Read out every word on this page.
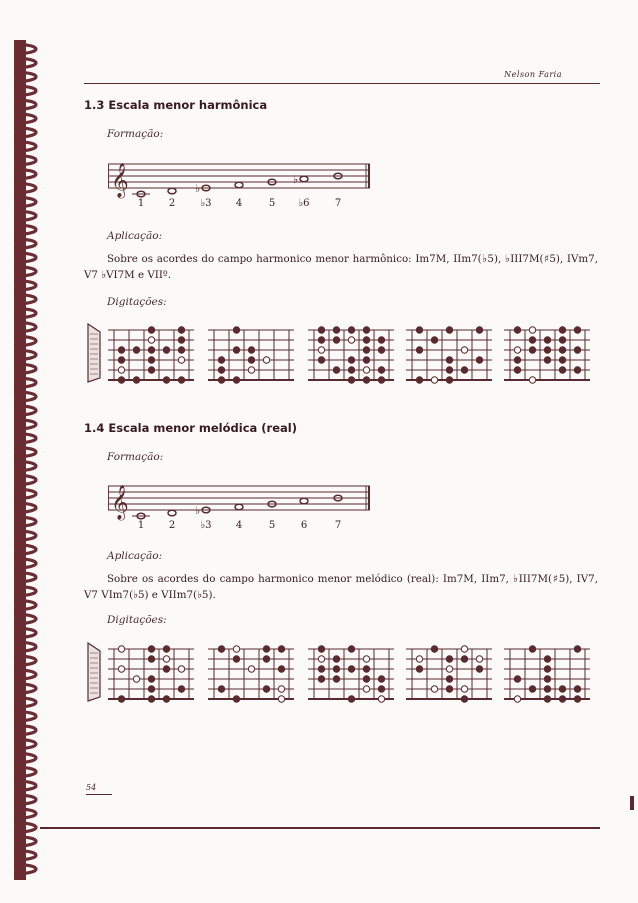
Nelson Faria
1.3 Escala menor harmônica
Formação:
𝄞	♭
♭
1 2	♭3 4	5 ♭6	7
Aplicação:
Sobre os acordes do campo harmonico menor harmônico: Im7M, IIm7(♭5), ♭III7M(♯5), IVm7, V7 ♭VI7M e VIIº.
Digitações:
1.4 Escala menor melódica (real)
Formação:
𝄞	♭
1 2	♭3 4	5	6	7
Aplicação:
Sobre os acordes do campo harmonico menor melódico (real): Im7M, IIm7, ♭III7M(♯5), IV7, V7 VIm7(♭5) e VIIm7(♭5).
Digitações:
54
